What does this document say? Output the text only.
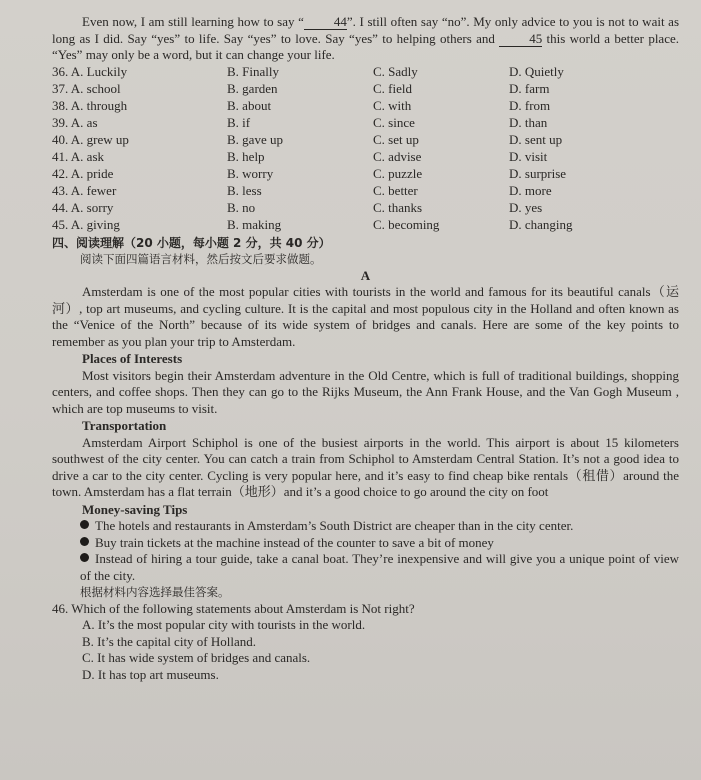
Even now, I am still learning how to say “ 44”. I still often say “no”. My only advice to you is not to wait as long as I did. Say “yes” to life. Say “yes” to love. Say “yes” to helping others and	45 this world a better place. “Yes” may only be a word, but it can change your life.

36. A. Luckily	B. Finally	C. Sadly	D. Quietly
37. A. school	B. garden	C. field	D. farm
38. A. through	B. about	C. with	D. from
39. A. as	B. if	C. since	D. than
40. A. grew up	B. gave up	C. set up	D. sent up
41. A. ask	B. help	C. advise	D. visit
42. A. pride	B. worry	C. puzzle	D. surprise
43. A. fewer	B. less	C. better	D. more
44. A. sorry	B. no	C. thanks	D. yes
45. A. giving	B. making	C. becoming	D. changing
四、阅读理解（20 小题，每小题 2 分，共 40 分）
阅读下面四篇语言材料，然后按文后要求做题。
A

Amsterdam is one of the most popular cities with tourists in the world and famous for its beautiful canals（运河）, top art museums, and cycling culture. It is the capital and most populous city in the Holland and often known as the “Venice of the North” because of its wide system of bridges and canals. Here are some of the key points to remember as you plan your trip to Amsterdam.

Places of Interests

Most visitors begin their Amsterdam adventure in the Old Centre, which is full of traditional buildings, shopping centers, and coffee shops. Then they can go to the Rijks Museum, the Ann Frank House, and the Van Gogh Museum , which are top museums to visit.

Transportation

Amsterdam Airport Schiphol is one of the busiest airports in the world. This airport is about 15 kilometers southwest of the city center. You can catch a train from Schiphol to Amsterdam Central Station. It’s not a good idea to drive a car to the city center. Cycling is very popular here, and it’s easy to find cheap bike rentals（租借）around the town. Amsterdam has a flat terrain（地形）and it’s a good choice to go around the city on foot

Money-saving Tips
The hotels and restaurants in Amsterdam’s South District are cheaper than in the city center.
Buy train tickets at the machine instead of the counter to save a bit of money
Instead of hiring a tour guide, take a canal boat. They’re inexpensive and will give you a unique point of view of the city.
根据材料内容选择最佳答案。
46. Which of the following statements about Amsterdam is Not right?
A. It’s the most popular city with tourists in the world.
B. It’s the capital city of Holland.
C. It has wide system of bridges and canals.
D. It has top art museums.
